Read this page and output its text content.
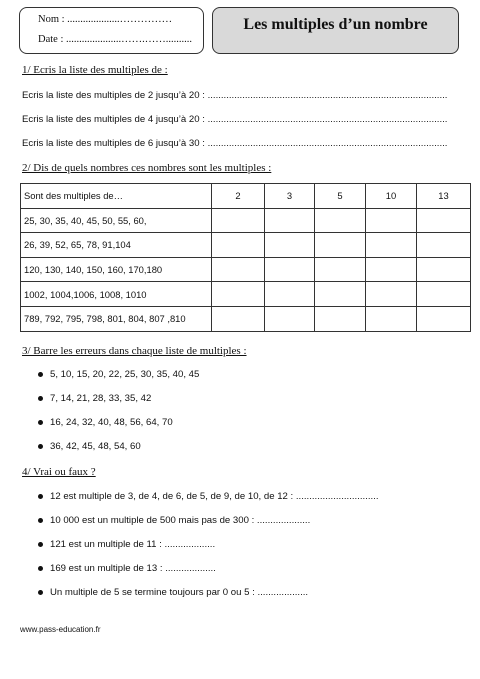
Nom : ....................……………
Date : .....................…….……..........
Les multiples d’un nombre
1/ Ecris la liste des multiples de :
Ecris la liste des multiples de 2 jusqu’à 20 : ..........................................................................................
Ecris la liste des multiples de 4 jusqu’à 20 : ..........................................................................................
Ecris la liste des multiples de 6 jusqu’à 30 : ..........................................................................................
2/ Dis de quels nombres ces nombres sont les multiples :
Sont des multiples de…	2	3	5	10	13
25, 30, 35, 40, 45, 50, 55, 60,					
26, 39, 52, 65, 78, 91,104					
120, 130, 140, 150, 160, 170,180					
1002, 1004,1006, 1008, 1010					
789, 792, 795, 798, 801, 804, 807 ,810					
3/ Barre les erreurs dans chaque liste de multiples :
5, 10, 15, 20, 22, 25, 30, 35, 40, 45
7, 14, 21, 28, 33, 35, 42
16, 24, 32, 40, 48, 56, 64, 70
36, 42, 45, 48, 54, 60
4/ Vrai ou faux ?
12 est multiple de 3, de 4, de 6, de 5, de 9, de 10, de 12 : ...............................
10 000 est un multiple de 500 mais pas de 300 : ....................
121 est un multiple de 11 : ...................
169 est un multiple de 13 : ...................
Un multiple de 5 se termine toujours par 0 ou 5 : ...................
www.pass-education.fr
